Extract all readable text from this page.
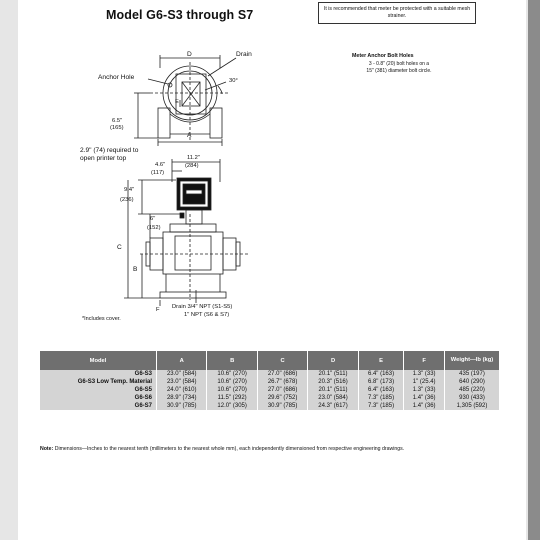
Model G6-S3 through S7	It is recommended that meter be protected with a suitable mesh strainer.
Meter Anchor Bolt Holes
3 - 0.8" (20) bolt holes on a
15" (381) diameter bolt circle.
D	Drain
Anchor Hole	30°
E
6.5"
(165)
A
2.9" (74) required to
open printer top	11.2"
(284)
4.6"
(117)
9.4"
(236)
6"
(152)
C
B
F Drain 3/4" NPT (S1-S5)
1" NPT (S6 & S7)
*Includes cover.
Model	A	B	C	D	E	F	Weight—lb (kg)
G6-S3	23.0" (584)	10.6" (270)	27.0" (686)	20.1" (511)	6.4" (163)	1.3" (33)	435 (197)
G6-S3 Low Temp. Material	23.0" (584)	10.6" (270)	26.7" (678)	20.3" (516)	6.8" (173)	1" (25.4)	640 (290)
G6-S5	24.0" (610)	10.6" (270)	27.0" (686)	20.1" (511)	6.4" (163)	1.3" (33)	485 (220)
G6-S6	28.9" (734)	11.5" (292)	29.6" (752)	23.0" (584)	7.3" (185)	1.4" (36)	930 (433)
G6-S7	30.9" (785)	12.0" (305)	30.9" (785)	24.3" (617)	7.3" (185)	1.4" (36)	1,305 (592)
Note: Dimensions—Inches to the nearest tenth (millimeters to the nearest whole mm), each independently dimensioned from respective engineering drawings.
